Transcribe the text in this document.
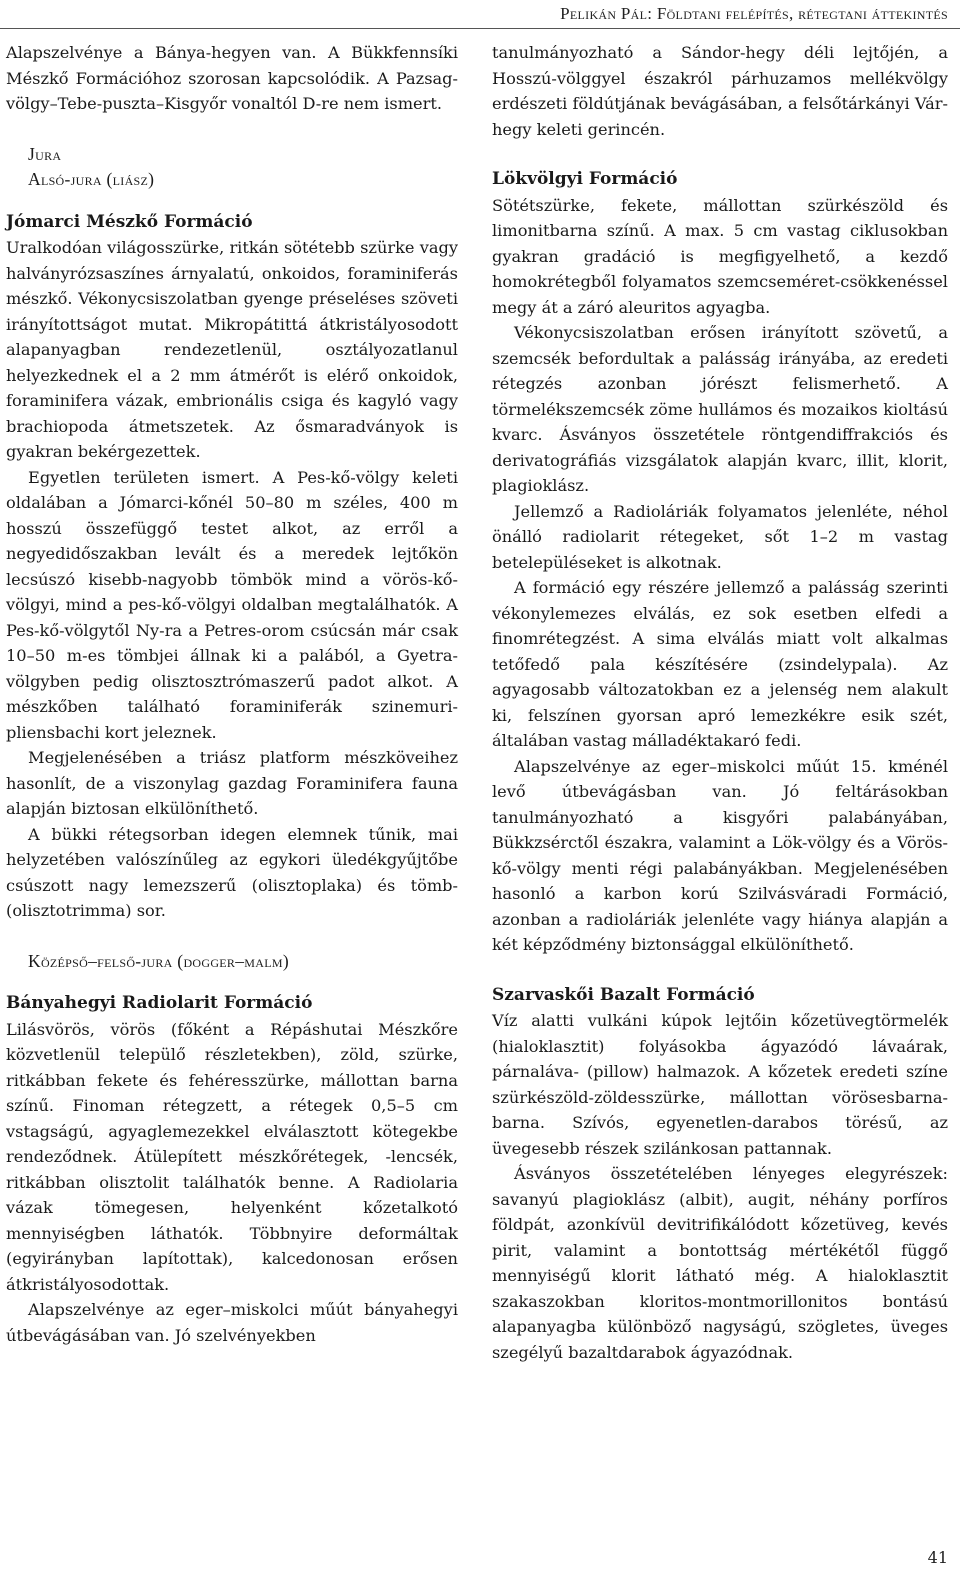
Pelikán Pál: Földtani felépítés, rétegtani áttekintés

Alapszelvénye a Bánya-hegyen van. A Bükkfennsíki Mészkő Formációhoz szorosan kapcsolódik. A Pazsag-völgy–Tebe-puszta–Kisgyőr vonaltól D-re nem ismert.

Jura
Alsó-jura (liász)
Jómarci Mészkő Formáció

Uralkodóan világosszürke, ritkán sötétebb szürke vagy halványrózsaszínes árnyalatú, onkoidos, foraminiferás mészkő. Vékonycsiszolatban gyenge préseléses szöveti irányítottságot mutat. Mikropátittá átkristályosodott alapanyagban rendezetlenül, osztályozatlanul helyezkednek el a 2 mm átmérőt is elérő onkoidok, foraminifera vázak, embrionális csiga és kagyló vagy brachiopoda átmetszetek. Az ősmaradványok is gyakran bekérgezettek.

Egyetlen területen ismert. A Pes-kő-völgy keleti oldalában a Jómarci-kőnél 50–80 m széles, 400 m hosszú összefüggő testet alkot, az erről a negyedidőszakban levált és a meredek lejtőkön lecsúszó kisebb-nagyobb tömbök mind a vörös-kő-völgyi, mind a pes-kő-völgyi oldalban megtalálhatók. A Pes-kő-völgytől Ny-ra a Petres-orom csúcsán már csak 10–50 m-es tömbjei állnak ki a palából, a Gyetra-völgyben pedig olisztosztrómaszerű padot alkot. A mészkőben található foraminiferák szinemuri-pliensbachi kort jeleznek.

Megjelenésében a triász platform mészköveihez hasonlít, de a viszonylag gazdag Foraminifera fauna alapján biztosan elkülöníthető.

A bükki rétegsorban idegen elemnek tűnik, mai helyzetében valószínűleg az egykori üledékgyűjtőbe csúszott nagy lemezszerű (olisztoplaka) és tömb- (olisztotrimma) sor.

Középső–felső-jura (dogger–malm)
Bányahegyi Radiolarit Formáció

Lilásvörös, vörös (főként a Répáshutai Mészkőre közvetlenül települő részletekben), zöld, szürke, ritkábban fekete és fehéresszürke, mállottan barna színű. Finoman rétegzett, a rétegek 0,5–5 cm vstagságú, agyaglemezekkel elválasztott kötegekbe rendeződnek. Átülepített mészkőrétegek, -lencsék, ritkábban olisztolit találhatók benne. A Radiolaria vázak tömegesen, helyenként kőzetalkotó mennyiségben láthatók. Többnyire deformáltak (egyirányban lapítottak), kalcedonosan erősen átkristályosodottak.

Alapszelvénye az eger–miskolci műút bányahegyi útbevágásában van. Jó szelvényekben

tanulmányozható a Sándor-hegy déli lejtőjén, a Hosszú-völggyel északról párhuzamos mellékvölgy erdészeti földútjának bevágásában, a felsőtárkányi Vár-hegy keleti gerincén.

Lökvölgyi Formáció

Sötétszürke, fekete, mállottan szürkészöld és limonitbarna színű. A max. 5 cm vastag ciklusokban gyakran gradáció is megfigyelhető, a kezdő homokrétegből folyamatos szemcseméret-csökkenéssel megy át a záró aleuritos agyagba.

Vékonycsiszolatban erősen irányított szövetű, a szemcsék befordultak a palásság irányába, az eredeti rétegzés azonban jórészt felismerhető. A törmelékszemcsék zöme hullámos és mozaikos kioltású kvarc. Ásványos összetétele röntgendiffrakciós és derivatográfiás vizsgálatok alapján kvarc, illit, klorit, plagioklász.

Jellemző a Radioláriák folyamatos jelenléte, néhol önálló radiolarit rétegeket, sőt 1–2 m vastag betelepüléseket is alkotnak.

A formáció egy részére jellemző a palásság szerinti vékonylemezes elválás, ez sok esetben elfedi a finomrétegzést. A sima elválás miatt volt alkalmas tetőfedő pala készítésére (zsindelypala). Az agyagosabb változatokban ez a jelenség nem alakult ki, felszínen gyorsan apró lemezkékre esik szét, általában vastag málladéktakaró fedi.

Alapszelvénye az eger–miskolci műút 15. kménél levő útbevágásban van. Jó feltárásokban tanulmányozható a kisgyőri palabányában, Bükkzsérctől északra, valamint a Lök-völgy és a Vörös-kő-völgy menti régi palabányákban. Megjelenésében hasonló a karbon korú Szilvásváradi Formáció, azonban a radioláriák jelenléte vagy hiánya alapján a két képződmény biztonsággal elkülöníthető.

Szarvaskői Bazalt Formáció

Víz alatti vulkáni kúpok lejtőin kőzetüvegtörmelék (hialoklasztit) folyásokba ágyazódó lávaárak, párnaláva- (pillow) halmazok. A kőzetek eredeti színe szürkészöld-zöldesszürke, mállottan vörösesbarna-barna. Szívós, egyenetlen-darabos törésű, az üvegesebb részek szilánkosan pattannak.

Ásványos összetételében lényeges elegyrészek: savanyú plagioklász (albit), augit, néhány porfíros földpát, azonkívül devitrifikálódott kőzetüveg, kevés pirit, valamint a bontottság mértékétől függő mennyiségű klorit látható még. A hialoklasztit szakaszokban kloritos-montmorillonitos bontású alapanyagba különböző nagyságú, szögletes, üveges szegélyű bazaltdarabok ágyazódnak.

41
